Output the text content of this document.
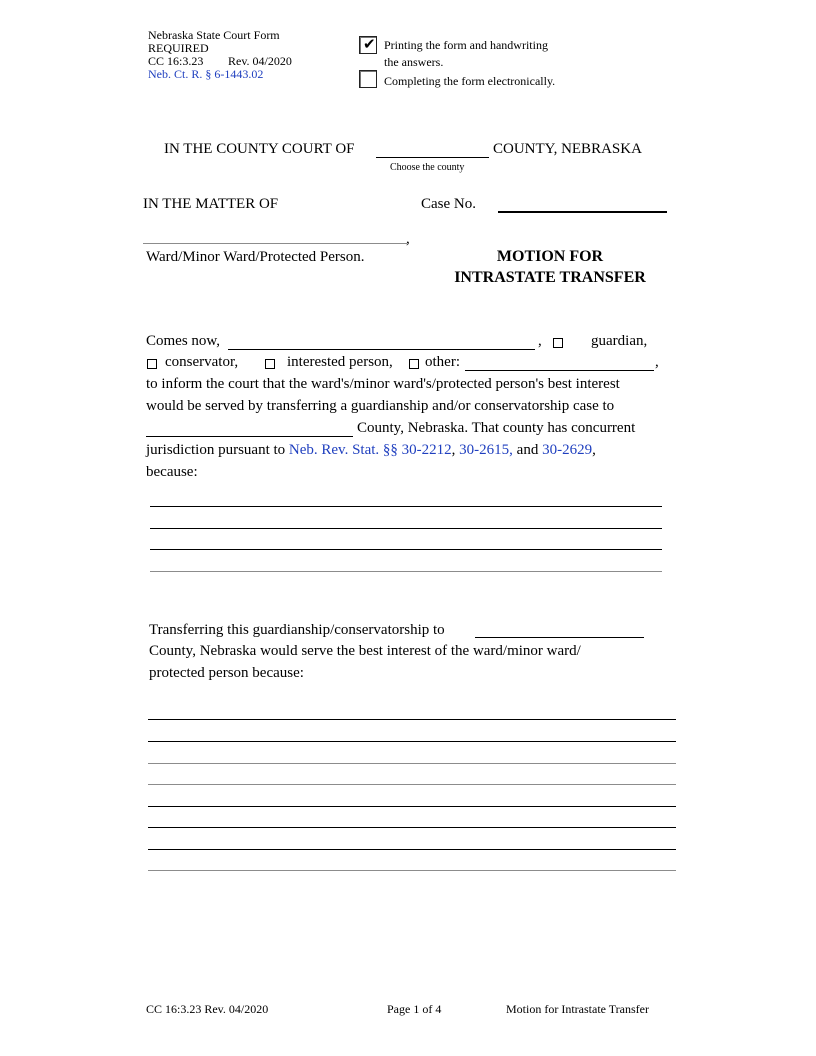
Nebraska State Court Form
REQUIRED
CC 16:3.23 Rev. 04/2020
Neb. Ct. R. § 6-1443.02
✔ Printing the form and handwriting
the answers.
Completing the form electronically.
IN THE COUNTY COURT OF	COUNTY, NEBRASKA
Choose the county
IN THE MATTER OF	Case No.
,
Ward/Minor Ward/Protected Person.	MOTION FOR
INTRASTATE TRANSFER
Comes now,	,	guardian,
conservator,	interested person, other:	,
to inform the court that the ward's/minor ward's/protected person's best interest
would be served by transferring a guardianship and/or conservatorship case to
County, Nebraska. That county has concurrent
jurisdiction pursuant to Neb. Rev. Stat. §§ 30-2212, 30-2615, and 30-2629,
because:
Transferring this guardianship/conservatorship to
County, Nebraska would serve the best interest of the ward/minor ward/
protected person because:
CC 16:3.23 Rev. 04/2020	Page 1 of 4	Motion for Intrastate Transfer
